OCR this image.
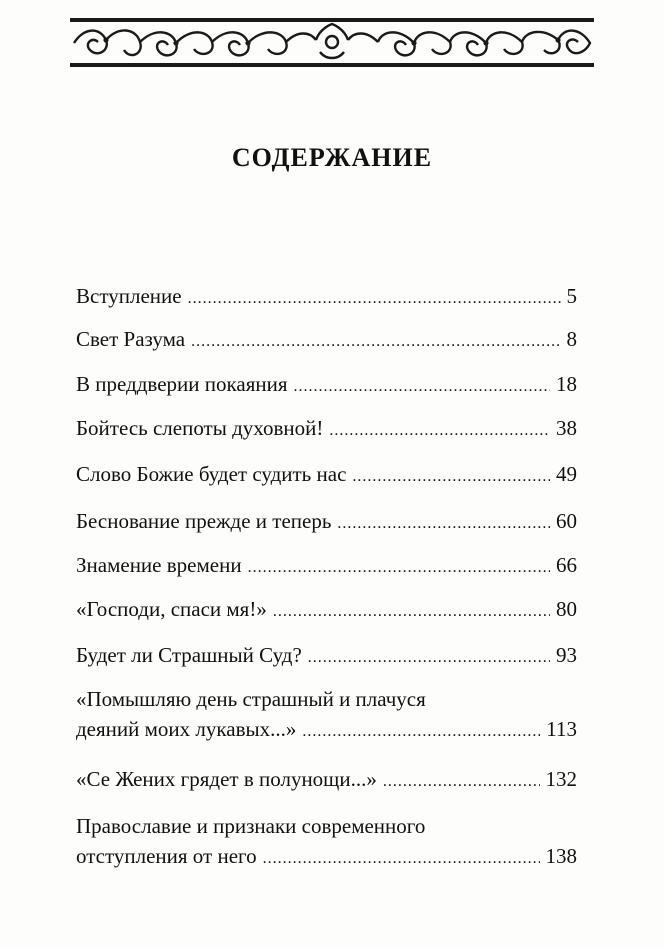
СОДЕРЖАНИЕ
Вступление .....	5
Свет Разума .....	8
В преддверии покаяния .....	18
Бойтесь слепоты духовной! .....	38
Слово Божие будет судить нас .....	49
Беснование прежде и теперь .....	60
Знамение времени .....	66
«Господи, спаси мя!» .....	80
Будет ли Страшный Суд? .....	93
«Помышляю день страшный и плачуся
деяний моих лукавых...» .....	113
«Се Жених грядет в полунощи...» .....	132
Православие и признаки современного
отступления от него .....	138
